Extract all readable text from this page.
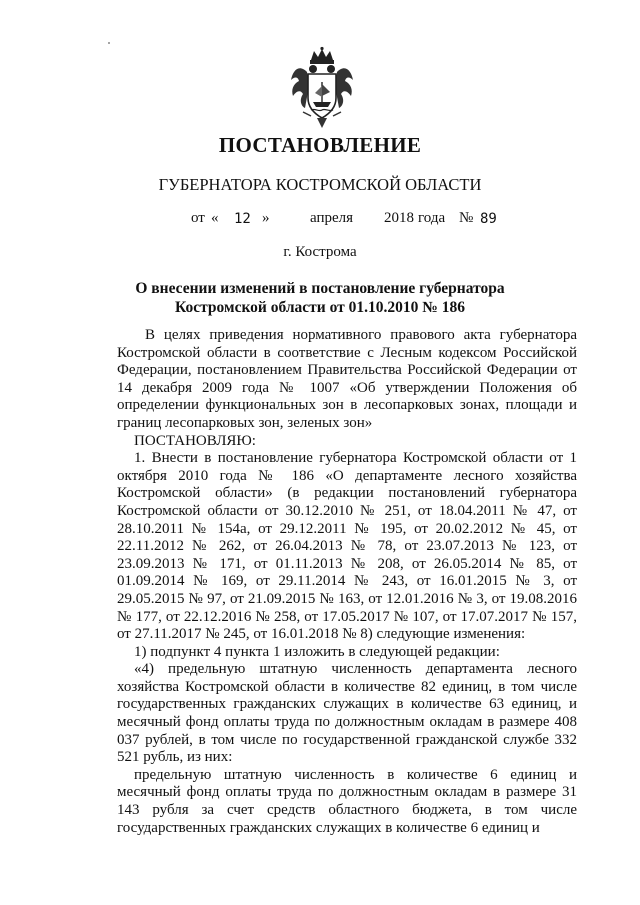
ПОСТАНОВЛЕНИЕ
ГУБЕРНАТОРА КОСТРОМСКОЙ ОБЛАСТИ
от « 12 »	апреля 2018 года № 89
г. Кострома
О внесении изменений в постановление губернатора
Костромской области от 01.10.2010 № 186

В целях приведения нормативного правового акта губернатора Костромской области в соответствие с Лесным кодексом Российской Федерации, постановлением Правительства Российской Федерации от 14 декабря 2009 года № 1007 «Об утверждении Положения об определении функциональных зон в лесопарковых зонах, площади и границ лесопарковых зон, зеленых зон»

ПОСТАНОВЛЯЮ:

1. Внести в постановление губернатора Костромской области от 1 октября 2010 года № 186 «О департаменте лесного хозяйства Костромской области» (в редакции постановлений губернатора Костромской области от 30.12.2010 № 251, от 18.04.2011 № 47, от 28.10.2011 № 154а, от 29.12.2011 № 195, от 20.02.2012 № 45, от 22.11.2012 № 262, от 26.04.2013 № 78, от 23.07.2013 № 123, от 23.09.2013 № 171, от 01.11.2013 № 208, от 26.05.2014 № 85, от 01.09.2014 № 169, от 29.11.2014 № 243, от 16.01.2015 № 3, от 29.05.2015 № 97, от 21.09.2015 № 163, от 12.01.2016 № 3, от 19.08.2016 № 177, от 22.12.2016 № 258, от 17.05.2017 № 107, от 17.07.2017 № 157, от 27.11.2017 № 245, от 16.01.2018 № 8) следующие изменения:

1) подпункт 4 пункта 1 изложить в следующей редакции:

«4) предельную штатную численность департамента лесного хозяйства Костромской области в количестве 82 единиц, в том числе государственных гражданских служащих в количестве 63 единиц, и месячный фонд оплаты труда по должностным окладам в размере 408 037 рублей, в том числе по государственной гражданской службе 332 521 рубль, из них:

предельную штатную численность в количестве 6 единиц и месячный фонд оплаты труда по должностным окладам в размере 31 143 рубля за счет средств областного бюджета, в том числе государственных гражданских служащих в количестве 6 единиц и
